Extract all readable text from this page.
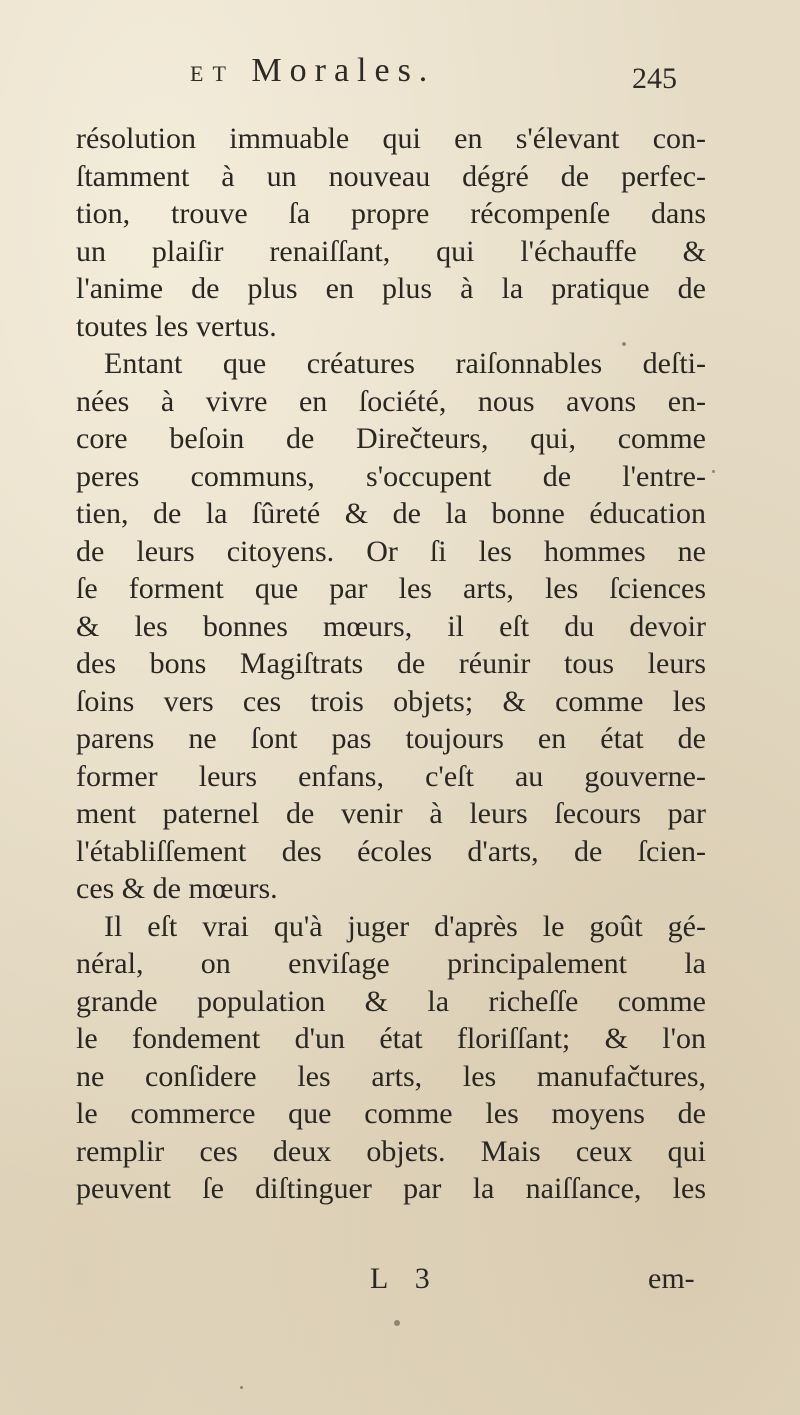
ET Morales.	245
résolution immuable qui en s'élevant con-
ſtamment à un nouveau dégré de perfec-
tion, trouve ſa propre récompenſe dans
un plaiſir renaiſſant, qui l'échauffe &
l'anime de plus en plus à la pratique de
toutes les vertus.
Entant que créatures raiſonnables deſti-
nées à vivre en ſociété, nous avons en-
core beſoin de Direčteurs, qui, comme
peres communs, s'occupent de l'entre-
tien, de la ſûreté & de la bonne éducation
de leurs citoyens. Or ſi les hommes ne
ſe forment que par les arts, les ſciences
& les bonnes mœurs, il eſt du devoir
des bons Magiſtrats de réunir tous leurs
ſoins vers ces trois objets; & comme les
parens ne ſont pas toujours en état de
former leurs enfans, c'eſt au gouverne-
ment paternel de venir à leurs ſecours par
l'établiſſement des écoles d'arts, de ſcien-
ces & de mœurs.
Il eſt vrai qu'à juger d'après le goût gé-
néral, on enviſage principalement la
grande population & la richeſſe comme
le fondement d'un état floriſſant; & l'on
ne conſidere les arts, les manufačtures,
le commerce que comme les moyens de
remplir ces deux objets. Mais ceux qui
peuvent ſe diſtinguer par la naiſſance, les
L 3	em-
